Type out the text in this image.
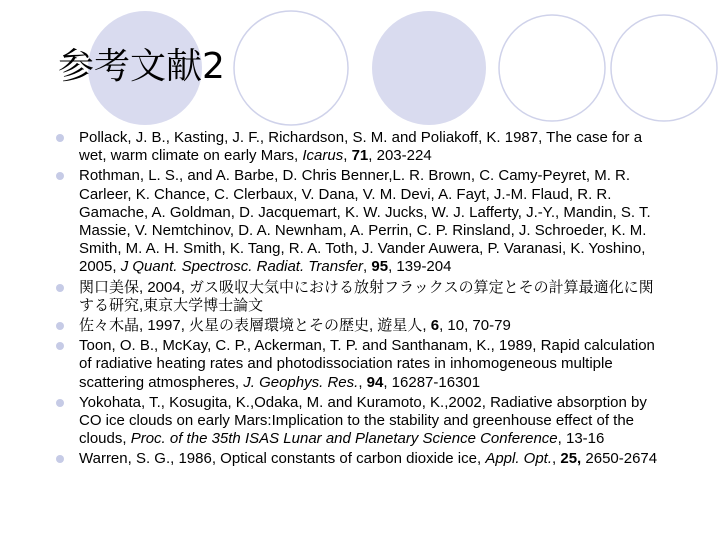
参考文献2
Pollack, J. B., Kasting, J. F., Richardson, S. M. and Poliakoff, K. 1987, The case for a wet, warm climate on early Mars, Icarus, 71, 203-224
Rothman, L. S., and A. Barbe, D. Chris Benner,L. R. Brown, C. Camy-Peyret, M. R. Carleer, K. Chance, C. Clerbaux, V. Dana, V. M. Devi, A. Fayt, J.-M. Flaud, R. R. Gamache, A. Goldman, D. Jacquemart, K. W. Jucks, W. J. Lafferty, J.-Y., Mandin, S. T. Massie, V. Nemtchinov, D. A. Newnham, A. Perrin, C. P. Rinsland, J. Schroeder, K. M. Smith, M. A. H. Smith, K. Tang, R. A. Toth, J. Vander Auwera, P. Varanasi, K. Yoshino, 2005, J Quant. Spectrosc. Radiat. Transfer, 95, 139-204
関口美保, 2004, ガス吸収大気中における放射フラックスの算定とその計算最適化に関する研究,東京大学博士論文
佐々木晶, 1997, 火星の表層環境とその歴史, 遊星人, 6, 10, 70-79
Toon, O. B., McKay, C. P., Ackerman, T. P. and Santhanam, K., 1989, Rapid calculation of radiative heating rates and photodissociation rates in inhomogeneous multiple scattering atmospheres, J. Geophys. Res., 94, 16287-16301
Yokohata, T., Kosugita, K.,Odaka, M. and Kuramoto, K.,2002, Radiative absorption by CO ice clouds on early Mars:Implication to the stability and greenhouse effect of the clouds, Proc. of the 35th ISAS Lunar and Planetary Science Conference, 13-16
Warren, S. G., 1986, Optical constants of carbon dioxide ice, Appl. Opt., 25, 2650-2674
